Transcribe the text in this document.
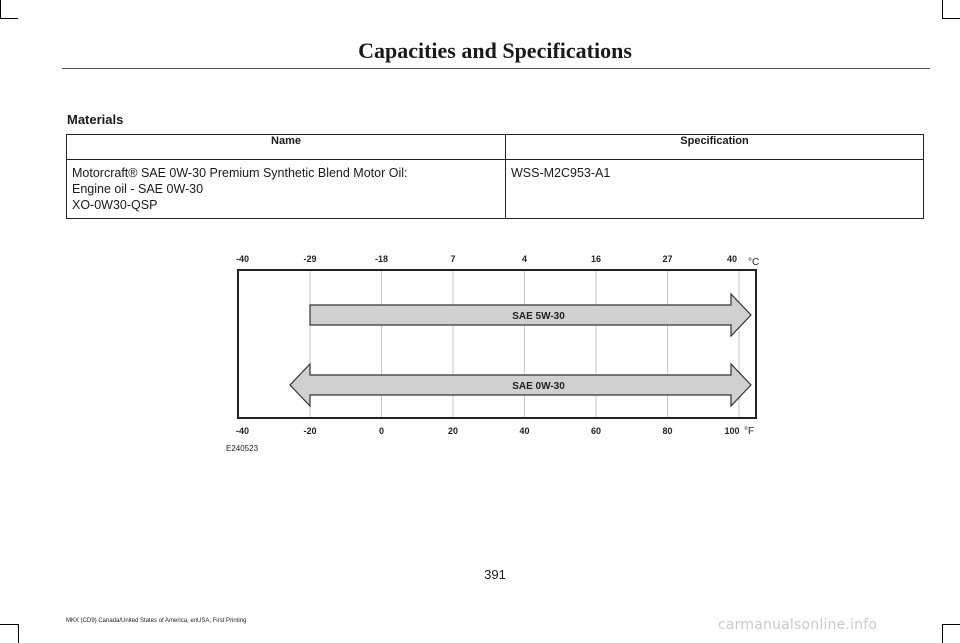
Capacities and Specifications
Materials
Name	Specification

Motorcraft® SAE 0W-30 Premium Synthetic Blend Motor Oil:
Engine oil - SAE 0W-30
XO-0W30-QSP	WSS-M2C953-A1
-40	-29	-18	7	4	16	27	40 °C
-40	-20	0	20	40	60	80	100 °F
SAE 5W-30
SAE 0W-30
E240523
391
MKX (CD9) Canada/United States of America, enUSA, First Printing	carmanualsonline.info
